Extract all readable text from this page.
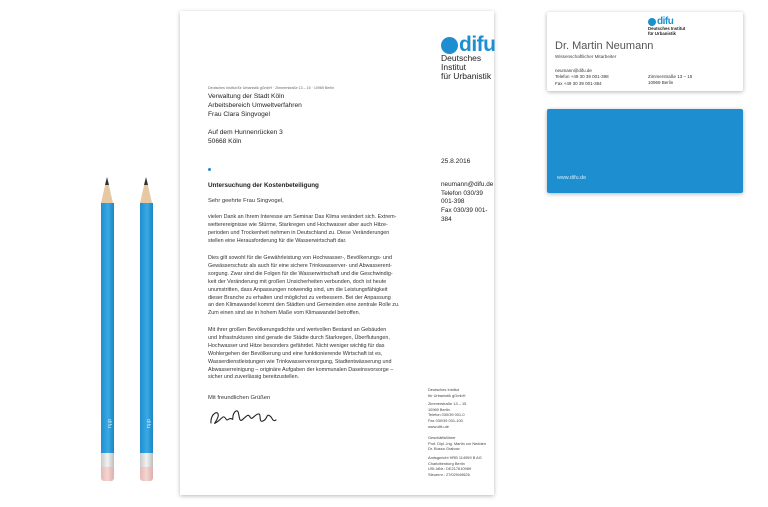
difu	difu
difu
Deutsches Institut
für Urbanistik
Deutsches Institut für Urbanistik gGmbH · Zimmerstraße 13 – 15 · 10969 Berlin
Verwaltung der Stadt Köln
Arbeitsbereich Umweltverfahren
Frau Clara Singvogel
Auf dem Hunnenrücken 3
50668 Köln
25.8.2016
Untersuchung der Kostenbeteiligung	neumann@difu.de
Telefon 030/39 001-398
Fax 030/39 001-384
Sehr geehrte Frau Singvogel,
vielen Dank an Ihrem Interesse am Seminar Das Klima verändert sich. Extrem-
wetterereignisse wie Stürme, Starkregen und Hochwasser aber auch Hitze-
perioden und Trockenheit nehmen in Deutschland zu. Diese Veränderungen
stellen eine Herausforderung für die Wasserwirtschaft dar.
Dies gilt sowohl für die Gewährleistung von Hochwasser-, Bevölkerungs- und
Gewässerschutz als auch für eine sichere Trinkwasserver- und Abwasserent-
sorgung. Zwar sind die Folgen für die Wasserwirtschaft und die Geschwindig-
keit der Veränderung mit großen Unsicherheiten verbunden, doch ist heute
unumstritten, dass Anpassungen notwendig sind, um die Leistungsfähigkeit
dieser Branche zu erhalten und möglichst zu verbessern. Bei der Anpassung
an den Klimawandel kommt den Städten und Gemeinden eine zentrale Rolle zu.
Zum einen sind sie in hohem Maße vom Klimawandel betroffen.
Mit ihrer großen Bevölkerungsdichte und wertvollen Bestand an Gebäuden
und Infrastrukturen sind gerade die Städte durch Starkregen, Überflutungen,
Hochwasser und Hitze besonders gefährdet. Nicht weniger wichtig für das
Wohlergehen der Bevölkerung und eine funktionierende Wirtschaft ist es,
Wasserdienstleistungen wie Trinkwasserversorgung, Stadtentwässerung und
Abwasserreinigung – originäre Aufgaben der kommunalen Daseinsvorsorge –
sicher und zuverlässig bereitzustellen.
Mit freundlichen Grüßen
Deutsches Institut
für Urbanistik gGmbH
Zimmerstraße 13 – 15
10969 Berlin
Telefon 030/39 001-0
Fax 030/39 001-100
www.difu.de
Geschäftsführer
Prof. Dipl.-Ing. Martin zur Nedden
Dr. Busso Grabow
Amtsgericht HRB 114959 B AG
Charlottenburg Berlin
USt-IdNr.: DE217610989
Steuernr.: 27/029/49626
difu
Deutsches Institut
für Urbanistik
Dr. Martin Neumann
Wissenschaftlicher Mitarbeiter
neumann@difu.de
Telefon +49 30 39 001-398
Fax +49 30 39 001-384
Zimmerstraße 13 – 15
10969 Berlin
www.difu.de
